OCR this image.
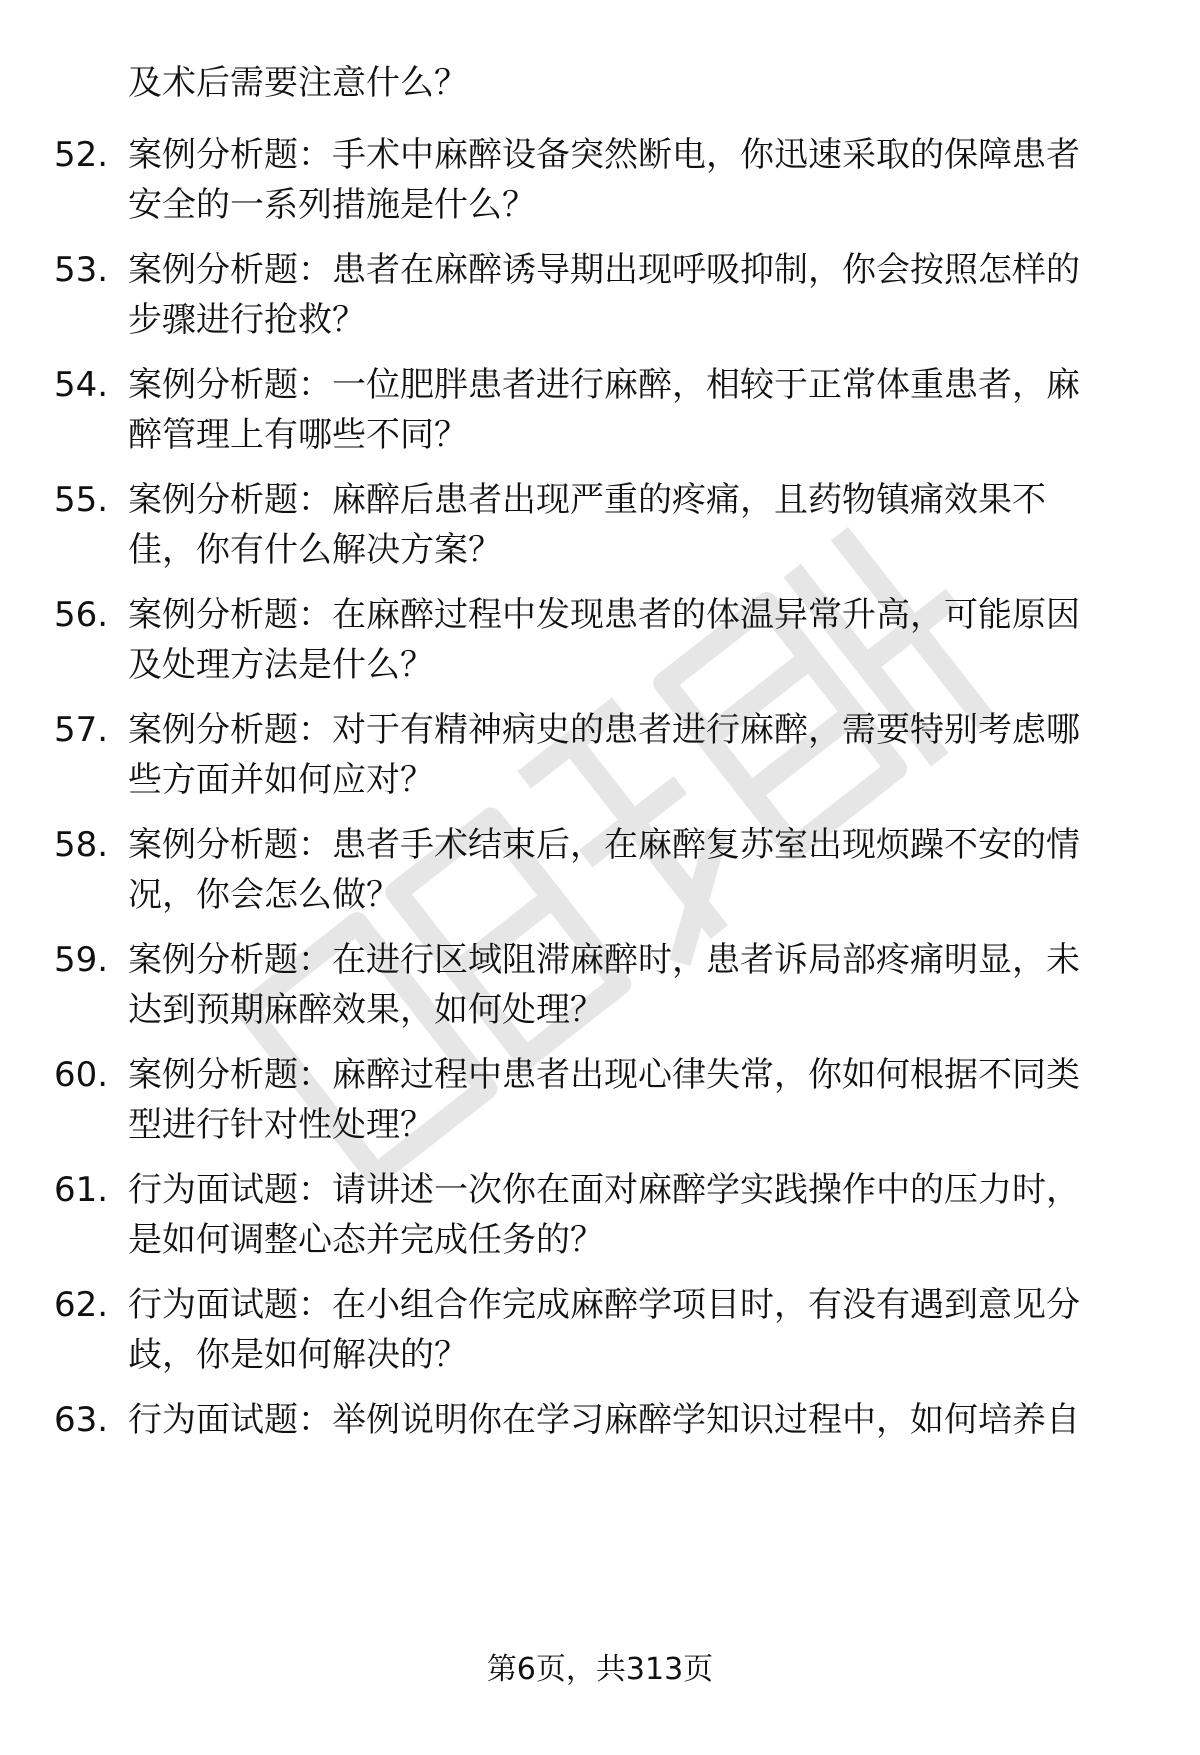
及术后需要注意什么？
52. 案例分析题：手术中麻醉设备突然断电，你迅速采取的保障患者
安全的一系列措施是什么？
53. 案例分析题：患者在麻醉诱导期出现呼吸抑制，你会按照怎样的
步骤进行抢救？
54. 案例分析题：一位肥胖患者进行麻醉，相较于正常体重患者，麻
醉管理上有哪些不同？
55. 案例分析题：麻醉后患者出现严重的疼痛，且药物镇痛效果不
佳，你有什么解决方案？
56. 案例分析题：在麻醉过程中发现患者的体温异常升高，可能原因
及处理方法是什么？
57. 案例分析题：对于有精神病史的患者进行麻醉，需要特别考虑哪
些方面并如何应对？
58. 案例分析题：患者手术结束后，在麻醉复苏室出现烦躁不安的情
况，你会怎么做？
59. 案例分析题：在进行区域阻滞麻醉时，患者诉局部疼痛明显，未
达到预期麻醉效果，如何处理？
60. 案例分析题：麻醉过程中患者出现心律失常，你如何根据不同类
型进行针对性处理？
61. 行为面试题：请讲述一次你在面对麻醉学实践操作中的压力时，
是如何调整心态并完成任务的？
62. 行为面试题：在小组合作完成麻醉学项目时，有没有遇到意见分
歧，你是如何解决的？
63. 行为面试题：举例说明你在学习麻醉学知识过程中，如何培养自
第6页，共313页
